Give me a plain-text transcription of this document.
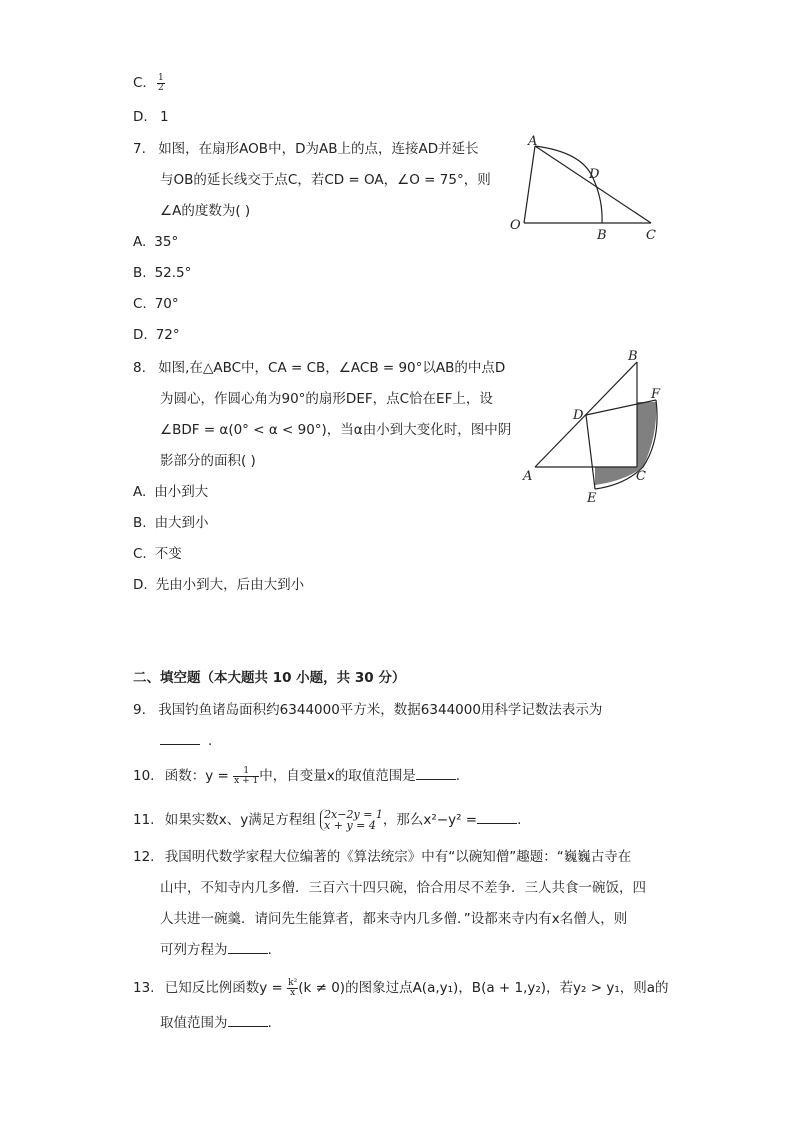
C. $\frac{1}{2}$
D. 1
7. 如图，在扇形AOB中，D为AB上的点，连接AD并延长
与OB的延长线交于点C，若CD = OA，∠O = 75°，则
∠A的度数为( )
A. 35°
B. 52.5°
C. 70°
D. 72°
A
D
O
B	C
8. 如图,在△ABC中，CA = CB，∠ACB = 90°以AB的中点D
为圆心，作圆心角为90°的扇形DEF，点C恰在EF上，设
∠BDF = α(0° < α < 90°)，当α由小到大变化时，图中阴
影部分的面积( )
A. 由小到大
B. 由大到小
C. 不变
D. 先由小到大，后由大到小
B
F
D
A	C
E
二、填空题（本大题共 10 小题，共 30 分）
9. 我国钓鱼诸岛面积约6344000平方米，数据6344000用科学记数法表示为
.
10. 函数：$y = \frac{1}{x + 1}$ 中，自变量x的取值范围是	.
11. 如果实数x、y满足方程组 2x−2y = 1
x + y = 4 ，那么x²−y² =	.
12. 我国明代数学家程大位编著的《算法统宗》中有“以碗知僧”趣题：“巍巍古寺在
山中，不知寺内几多僧．三百六十四只碗，恰合用尽不差争．三人共食一碗饭，四
人共进一碗羹．请问先生能算者，都来寺内几多僧．”设都来寺内有x名僧人，则
可列方程为	.
13. 已知反比例函数$y = \frac{\text{k²}}{x} (k \ne 0)$的图象过点A(a,y₁)，B(a + 1,y₂)，若y₂ > y₁，则a的
取值范围为	.
